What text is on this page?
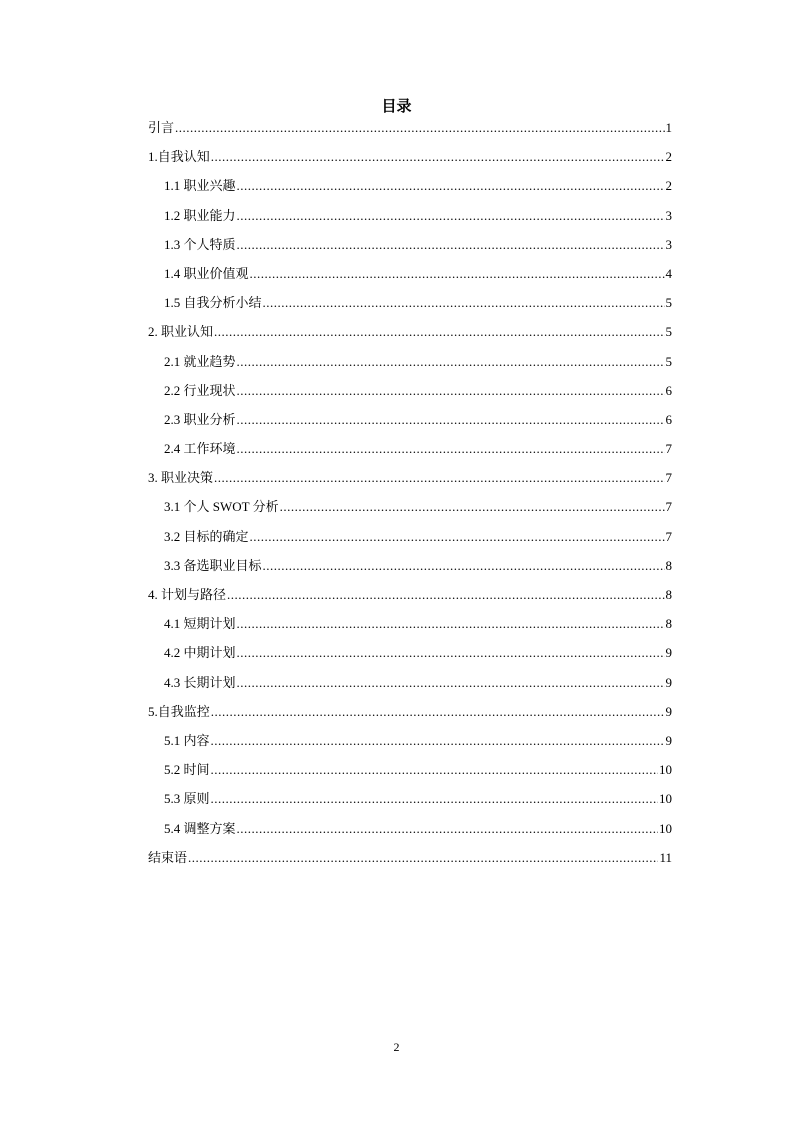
目录
引言 .....	1
1.自我认知 .....	2
1.1 职业兴趣 .....	2
1.2 职业能力 .....	3
1.3 个人特质 .....	3
1.4 职业价值观 .....	4
1.5 自我分析小结 .....	5
2. 职业认知 .....	5
2.1 就业趋势 .....	5
2.2 行业现状 .....	6
2.3 职业分析 .....	6
2.4 工作环境 .....	7
3. 职业决策 .....	7
3.1 个人 SWOT 分析 .....	7
3.2 目标的确定 .....	7
3.3 备选职业目标 .....	8
4. 计划与路径 .....	8
4.1 短期计划 .....	8
4.2 中期计划 .....	9
4.3 长期计划 .....	9
5.自我监控 .....	9
5.1 内容 .....	9
5.2 时间 .....	10
5.3 原则 .....	10
5.4 调整方案 .....	10
结束语 .....	11
2
